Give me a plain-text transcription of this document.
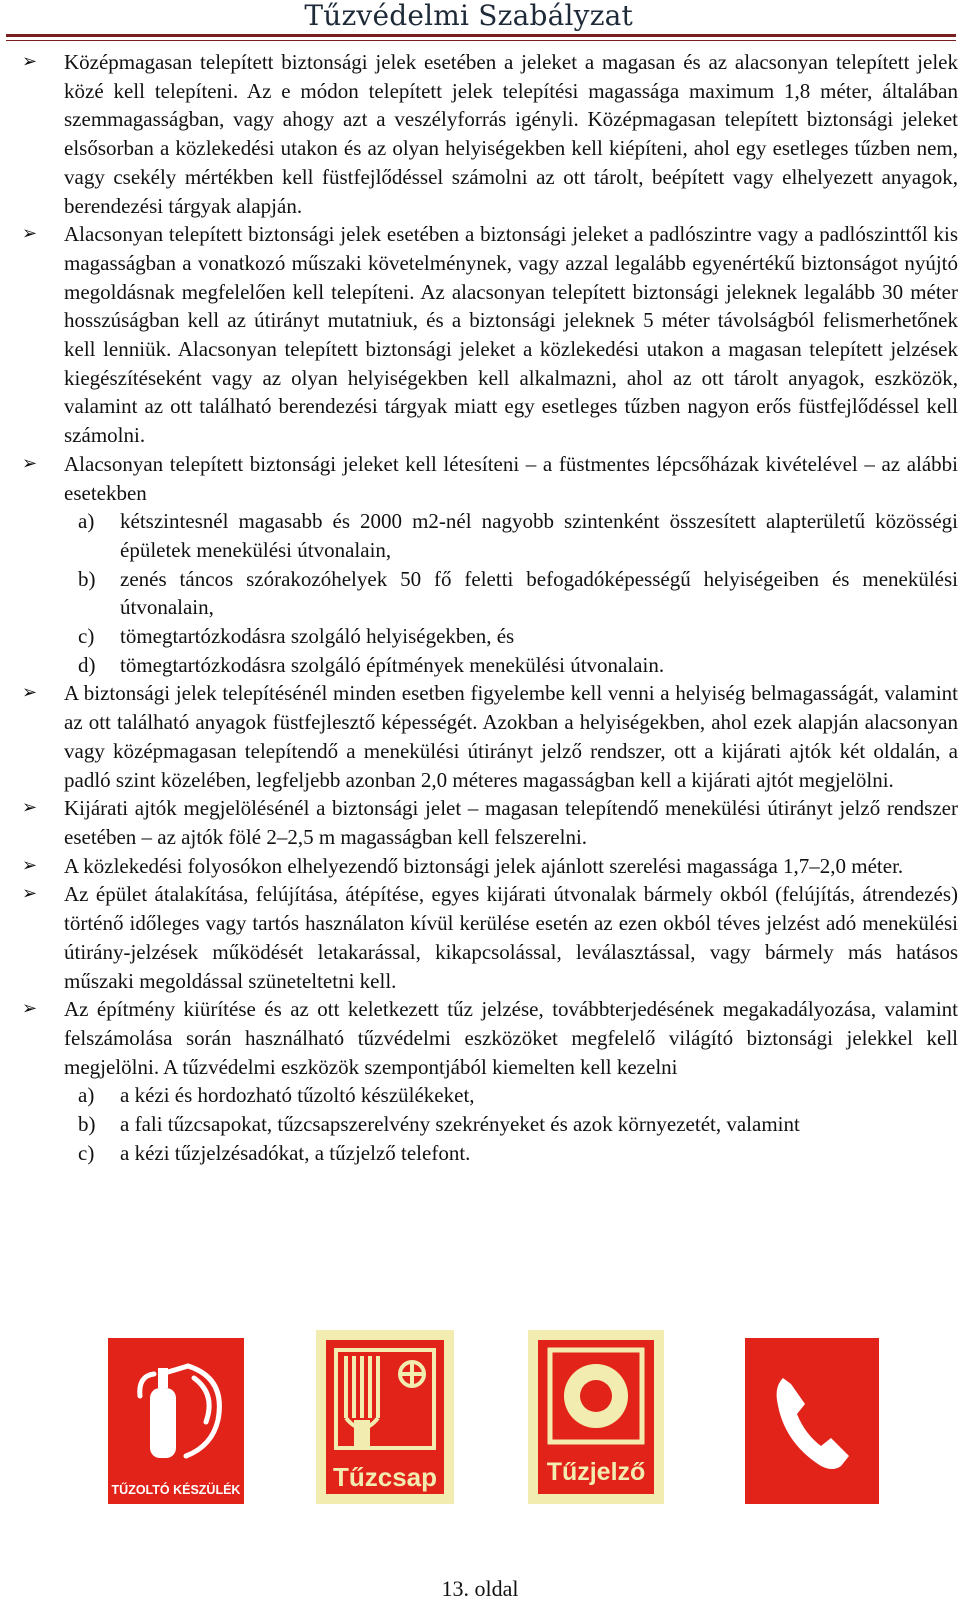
Tűzvédelmi Szabályzat
➢ Középmagasan telepített biztonsági jelek esetében a jeleket a magasan és az alacsonyan telepített jelek közé kell telepíteni. Az e módon telepített jelek telepítési magassága maximum 1,8 méter, általában szemmagasságban, vagy ahogy azt a veszélyforrás igényli. Középmagasan telepített biztonsági jeleket elsősorban a közlekedési utakon és az olyan helyiségekben kell kiépíteni, ahol egy esetleges tűzben nem, vagy csekély mértékben kell füstfejlődéssel számolni az ott tárolt, beépített vagy elhelyezett anyagok, berendezési tárgyak alapján.

➢ Alacsonyan telepített biztonsági jelek esetében a biztonsági jeleket a padlószintre vagy a padlószinttől kis magasságban a vonatkozó műszaki követelménynek, vagy azzal legalább egyenértékű biztonságot nyújtó megoldásnak megfelelően kell telepíteni. Az alacsonyan telepített biztonsági jeleknek legalább 30 méter hosszúságban kell az útirányt mutatniuk, és a biztonsági jeleknek 5 méter távolságból felismerhetőnek kell lenniük. Alacsonyan telepített biztonsági jeleket a közlekedési utakon a magasan telepített jelzések kiegészítéseként vagy az olyan helyiségekben kell alkalmazni, ahol az ott tárolt anyagok, eszközök, valamint az ott található berendezési tárgyak miatt egy esetleges tűzben nagyon erős füstfejlődéssel kell számolni.

➢ Alacsonyan telepített biztonsági jeleket kell létesíteni – a füstmentes lépcsőházak kivételével – az alábbi esetekben

a) kétszintesnél magasabb és 2000 m2-nél nagyobb szintenként összesített alapterületű közösségi épületek menekülési útvonalain,

b) zenés táncos szórakozóhelyek 50 fő feletti befogadóképességű helyiségeiben és menekülési útvonalain,

c) tömegtartózkodásra szolgáló helyiségekben, és

d) tömegtartózkodásra szolgáló építmények menekülési útvonalain.

➢ A biztonsági jelek telepítésénél minden esetben figyelembe kell venni a helyiség belmagasságát, valamint az ott található anyagok füstfejlesztő képességét. Azokban a helyiségekben, ahol ezek alapján alacsonyan vagy középmagasan telepítendő a menekülési útirányt jelző rendszer, ott a kijárati ajtók két oldalán, a padló szint közelében, legfeljebb azonban 2,0 méteres magasságban kell a kijárati ajtót megjelölni.

➢ Kijárati ajtók megjelölésénél a biztonsági jelet – magasan telepítendő menekülési útirányt jelző rendszer esetében – az ajtók fölé 2–2,5 m magasságban kell felszerelni.

➢ A közlekedési folyosókon elhelyezendő biztonsági jelek ajánlott szerelési magassága 1,7–2,0 méter.

➢ Az épület átalakítása, felújítása, átépítése, egyes kijárati útvonalak bármely okból (felújítás, átrendezés) történő időleges vagy tartós használaton kívül kerülése esetén az ezen okból téves jelzést adó menekülési útirány-jelzések működését letakarással, kikapcsolással, leválasztással, vagy bármely más hatásos műszaki megoldással szüneteltetni kell.

➢ Az építmény kiürítése és az ott keletkezett tűz jelzése, továbbterjedésének megakadályozása, valamint felszámolása során használható tűzvédelmi eszközöket megfelelő világító biztonsági jelekkel kell megjelölni. A tűzvédelmi eszközök szempontjából kiemelten kell kezelni

a) a kézi és hordozható tűzoltó készülékeket,

b) a fali tűzcsapokat, tűzcsapszerelvény szekrényeket és azok környezetét, valamint

c) a kézi tűzjelzésadókat, a tűzjelző telefont.

TŰZOLTÓ KÉSZÜLÉK	Tűzcsap	Tűzjelző
13. oldal
